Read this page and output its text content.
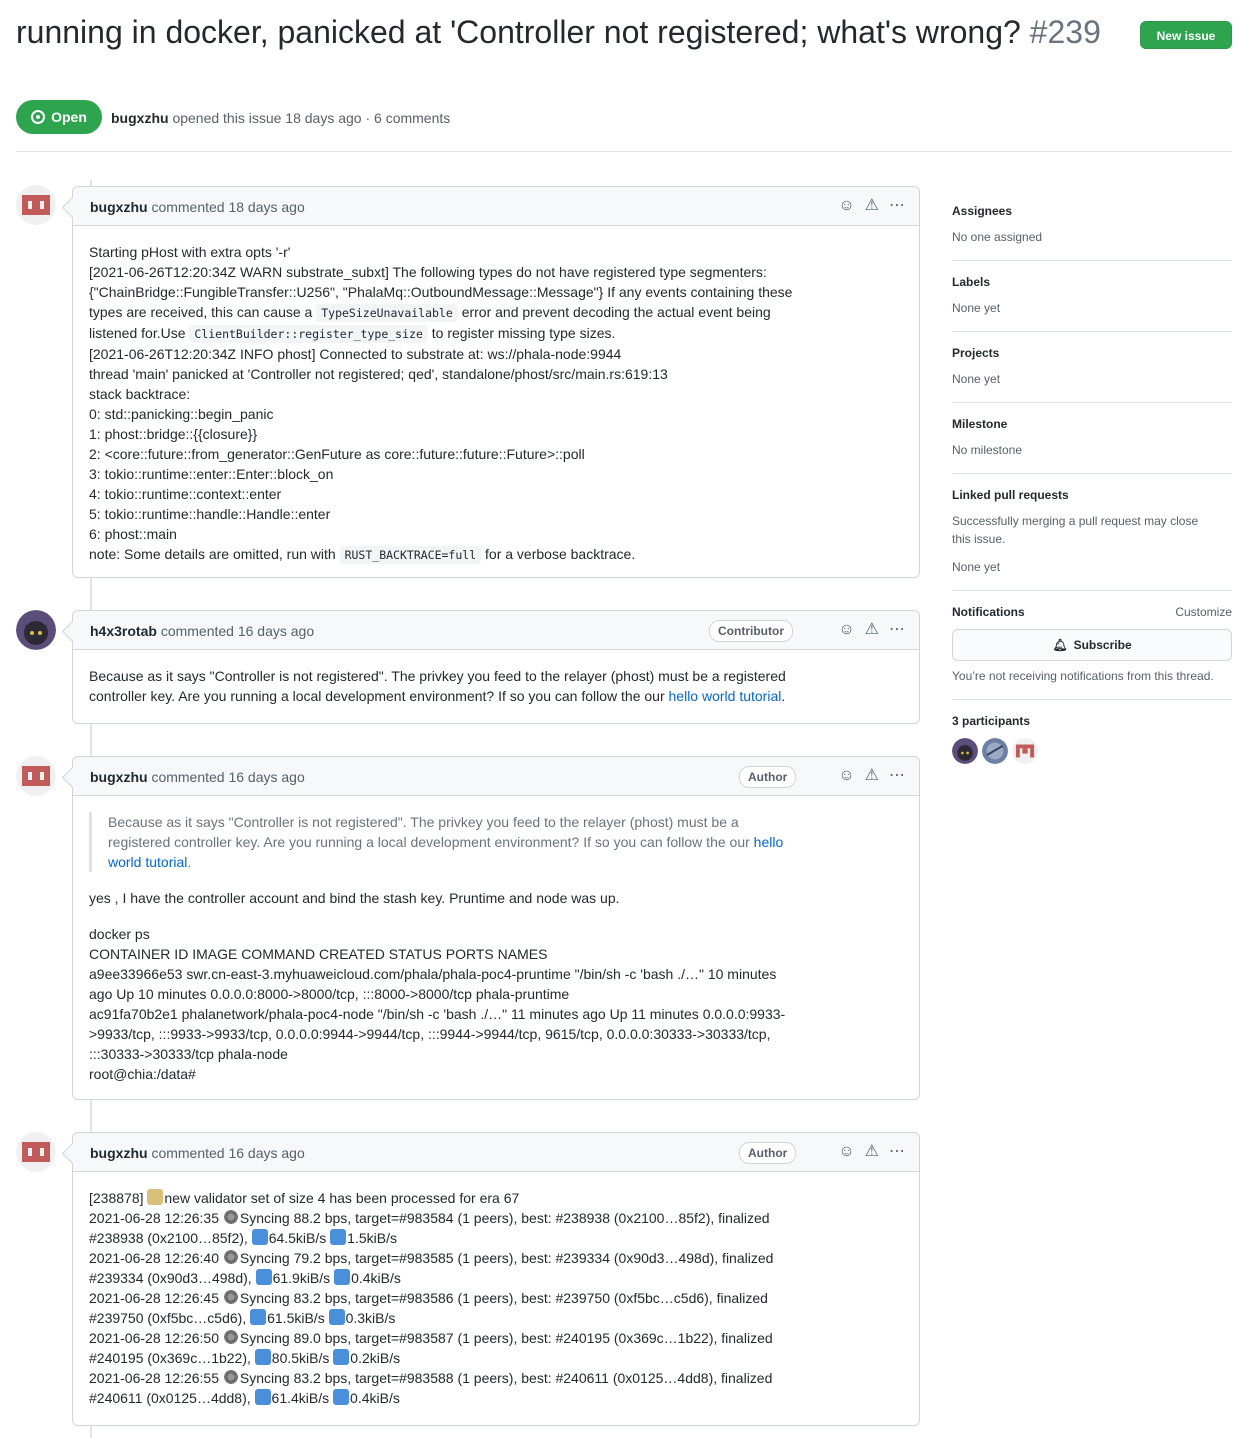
running in docker, panicked at 'Controller not registered; what's wrong? #239	New issue
Open bugxzhu opened this issue 18 days ago · 6 comments
bugxzhu commented 18 days ago	☺ ⚠ ⋯

Starting pHost with extra opts '-r'

[2021-06-26T12:20:34Z WARN substrate_subxt] The following types do not have registered type segmenters:

{"ChainBridge::FungibleTransfer::U256", "PhalaMq::OutboundMessage::Message"} If any events containing these

types are received, this can cause a TypeSizeUnavailable error and prevent decoding the actual event being

listened for.Use ClientBuilder::register_type_size to register missing type sizes.

[2021-06-26T12:20:34Z INFO phost] Connected to substrate at: ws://phala-node:9944

thread 'main' panicked at 'Controller not registered; qed', standalone/phost/src/main.rs:619:13

stack backtrace:

0: std::panicking::begin_panic

1: phost::bridge::{{closure}}

2: <core::future::from_generator::GenFuture as core::future::future::Future>::poll

3: tokio::runtime::enter::Enter::block_on

4: tokio::runtime::context::enter

5: tokio::runtime::handle::Handle::enter

6: phost::main

note: Some details are omitted, run with RUST_BACKTRACE=full for a verbose backtrace.

h4x3rotab commented 16 days ago	Contributor	☺ ⚠ ⋯

Because as it says "Controller is not registered". The privkey you feed to the relayer (phost) must be a registered

controller key. Are you running a local development environment? If so you can follow the our hello world tutorial.

bugxzhu commented 16 days ago	Author	☺ ⚠ ⋯

Because as it says "Controller is not registered". The privkey you feed to the relayer (phost) must be a

registered controller key. Are you running a local development environment? If so you can follow the our hello

world tutorial.

yes , I have the controller account and bind the stash key. Pruntime and node was up.

docker ps

CONTAINER ID IMAGE COMMAND CREATED STATUS PORTS NAMES

a9ee33966e53 swr.cn-east-3.myhuaweicloud.com/phala/phala-poc4-pruntime "/bin/sh -c 'bash ./…" 10 minutes

ago Up 10 minutes 0.0.0.0:8000->8000/tcp, :::8000->8000/tcp phala-pruntime

ac91fa70b2e1 phalanetwork/phala-poc4-node "/bin/sh -c 'bash ./…" 11 minutes ago Up 11 minutes 0.0.0.0:9933-

>9933/tcp, :::9933->9933/tcp, 0.0.0.0:9944->9944/tcp, :::9944->9944/tcp, 9615/tcp, 0.0.0.0:30333->30333/tcp,

:::30333->30333/tcp phala-node

root@chia:/data#

bugxzhu commented 16 days ago	Author	☺ ⚠ ⋯

[238878] new validator set of size 4 has been processed for era 67

2021-06-28 12:26:35 Syncing 88.2 bps, target=#983584 (1 peers), best: #238938 (0x2100…85f2), finalized

#238938 (0x2100…85f2), 64.5kiB/s 1.5kiB/s

2021-06-28 12:26:40 Syncing 79.2 bps, target=#983585 (1 peers), best: #239334 (0x90d3…498d), finalized

#239334 (0x90d3…498d), 61.9kiB/s 0.4kiB/s

2021-06-28 12:26:45 Syncing 83.2 bps, target=#983586 (1 peers), best: #239750 (0xf5bc…c5d6), finalized

#239750 (0xf5bc…c5d6), 61.5kiB/s 0.3kiB/s

2021-06-28 12:26:50 Syncing 89.0 bps, target=#983587 (1 peers), best: #240195 (0x369c…1b22), finalized

#240195 (0x369c…1b22), 80.5kiB/s 0.2kiB/s

2021-06-28 12:26:55 Syncing 83.2 bps, target=#983588 (1 peers), best: #240611 (0x0125…4dd8), finalized

#240611 (0x0125…4dd8), 61.4kiB/s 0.4kiB/s

Assignees
No one assigned
Labels
None yet
Projects
None yet
Milestone
No milestone
Linked pull requests
Successfully merging a pull request may close this issue.
None yet
Notifications	Customize
🔔︎ Subscribe
You’re not receiving notifications from this thread.
3 participants
